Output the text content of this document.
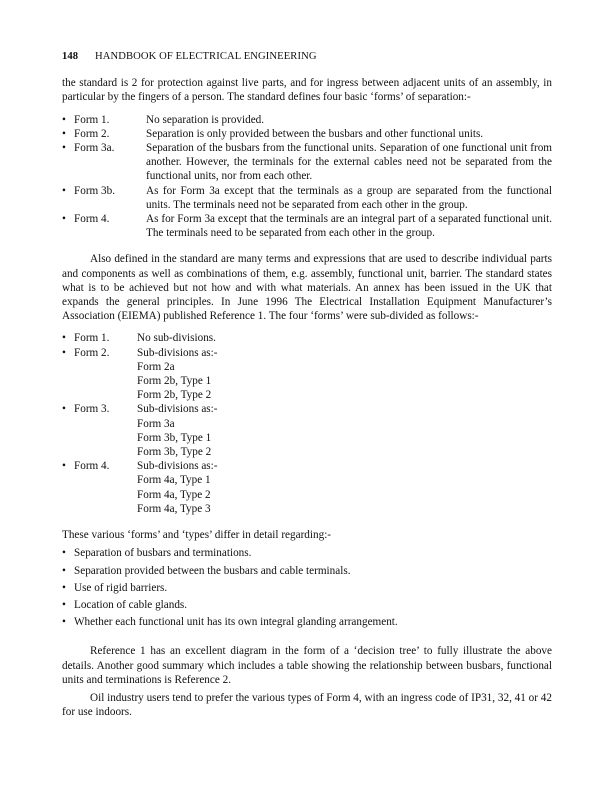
148 HANDBOOK OF ELECTRICAL ENGINEERING

the standard is 2 for protection against live parts, and for ingress between adjacent units of an assembly, in particular by the fingers of a person. The standard defines four basic ‘forms’ of separation:-

• Form 1.	No separation is provided.
• Form 2.	Separation is only provided between the busbars and other functional units.
• Form 3a.	Separation of the busbars from the functional units. Separation of one functional unit from another. However, the terminals for the external cables need not be separated from the functional units, nor from each other.
• Form 3b.	As for Form 3a except that the terminals as a group are separated from the functional units. The terminals need not be separated from each other in the group.
• Form 4.	As for Form 3a except that the terminals are an integral part of a separated functional unit. The terminals need to be separated from each other in the group.

Also defined in the standard are many terms and expressions that are used to describe individual parts and components as well as combinations of them, e.g. assembly, functional unit, barrier. The standard states what is to be achieved but not how and with what materials. An annex has been issued in the UK that expands the general principles. In June 1996 The Electrical Installation Equipment Manufacturer’s Association (EIEMA) published Reference 1. The four ‘forms’ were sub-divided as follows:-

• Form 1.	No sub-divisions.
• Form 2.	Sub-divisions as:-
Form 2a
Form 2b, Type 1
Form 2b, Type 2
• Form 3.	Sub-divisions as:-
Form 3a
Form 3b, Type 1
Form 3b, Type 2
• Form 4.	Sub-divisions as:-
Form 4a, Type 1
Form 4a, Type 2
Form 4a, Type 3

These various ‘forms’ and ‘types’ differ in detail regarding:-

• Separation of busbars and terminations.
• Separation provided between the busbars and cable terminals.
• Use of rigid barriers.
• Location of cable glands.
• Whether each functional unit has its own integral glanding arrangement.

Reference 1 has an excellent diagram in the form of a ‘decision tree’ to fully illustrate the above details. Another good summary which includes a table showing the relationship between busbars, functional units and terminations is Reference 2.

Oil industry users tend to prefer the various types of Form 4, with an ingress code of IP31, 32, 41 or 42 for use indoors.
